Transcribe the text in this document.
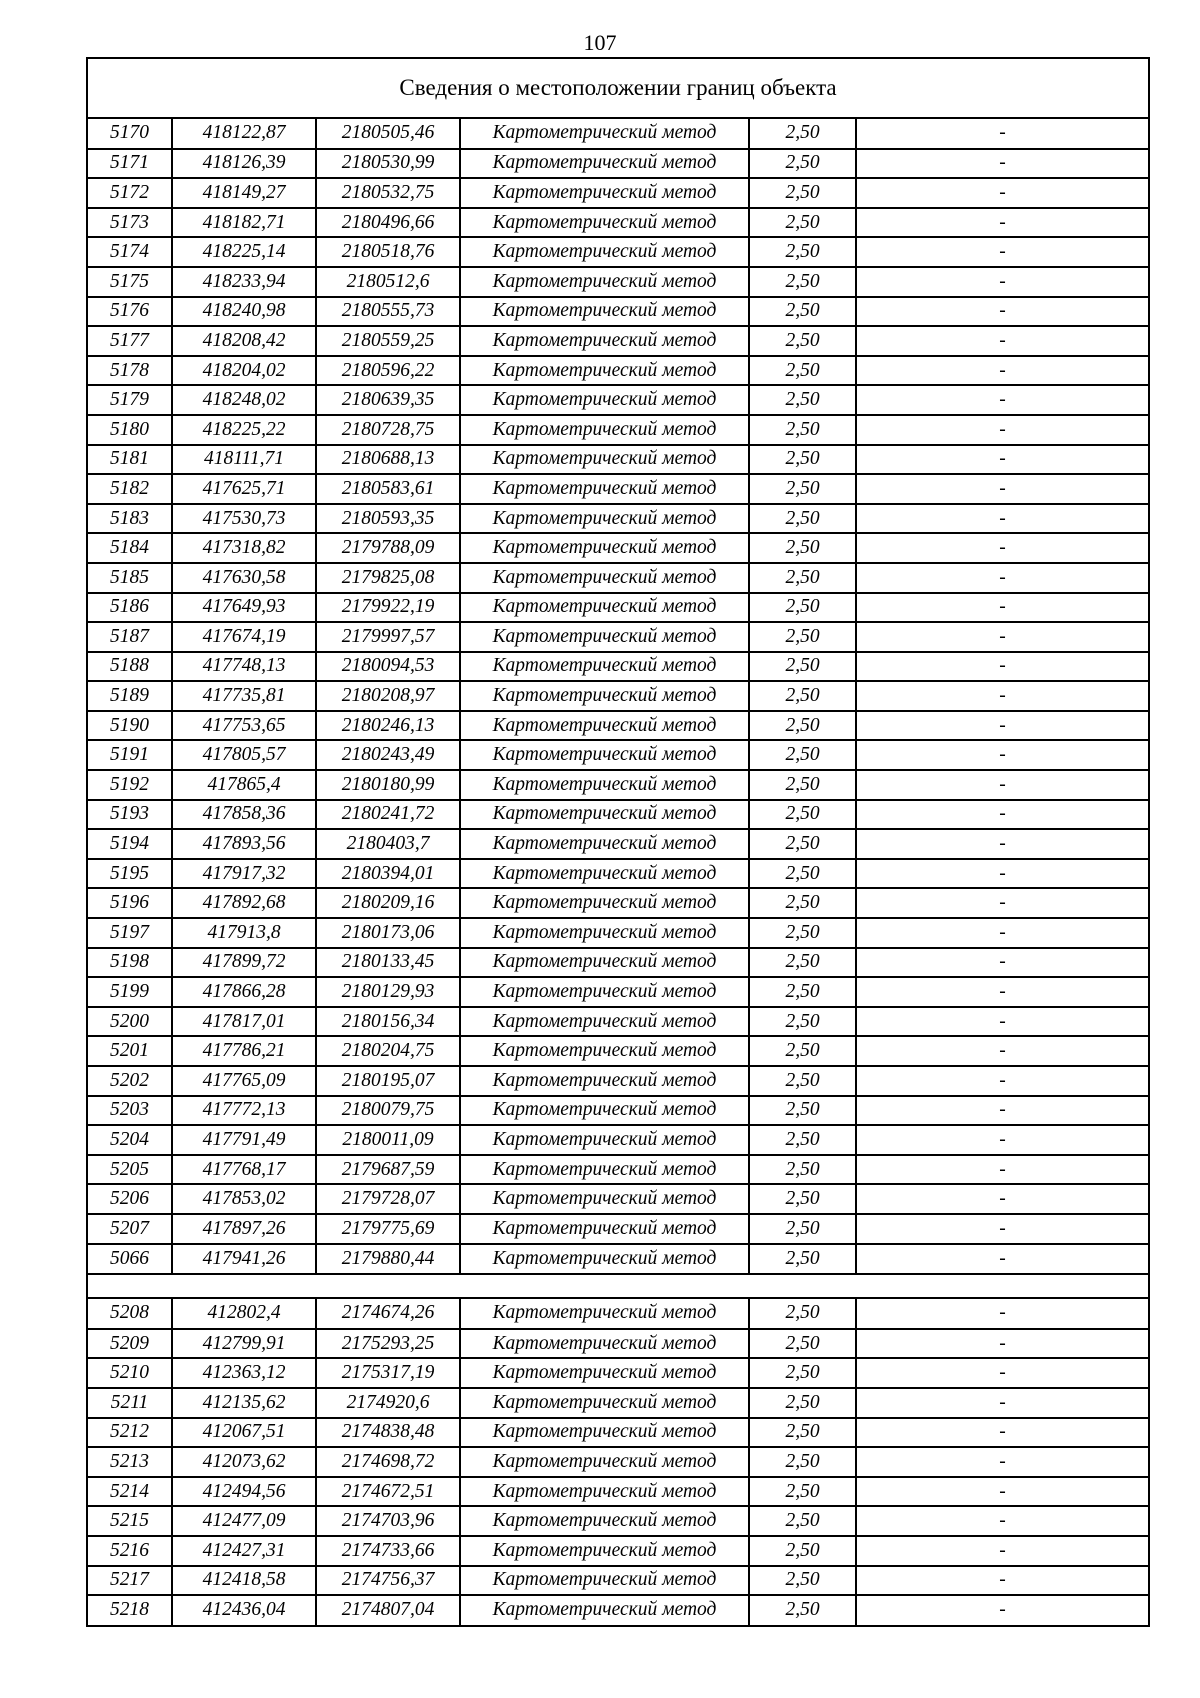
107
Сведения о местоположении границ объекта
5170	418122,87	2180505,46	Картометрический метод	2,50	-
5171	418126,39	2180530,99	Картометрический метод	2,50	-
5172	418149,27	2180532,75	Картометрический метод	2,50	-
5173	418182,71	2180496,66	Картометрический метод	2,50	-
5174	418225,14	2180518,76	Картометрический метод	2,50	-
5175	418233,94	2180512,6	Картометрический метод	2,50	-
5176	418240,98	2180555,73	Картометрический метод	2,50	-
5177	418208,42	2180559,25	Картометрический метод	2,50	-
5178	418204,02	2180596,22	Картометрический метод	2,50	-
5179	418248,02	2180639,35	Картометрический метод	2,50	-
5180	418225,22	2180728,75	Картометрический метод	2,50	-
5181	418111,71	2180688,13	Картометрический метод	2,50	-
5182	417625,71	2180583,61	Картометрический метод	2,50	-
5183	417530,73	2180593,35	Картометрический метод	2,50	-
5184	417318,82	2179788,09	Картометрический метод	2,50	-
5185	417630,58	2179825,08	Картометрический метод	2,50	-
5186	417649,93	2179922,19	Картометрический метод	2,50	-
5187	417674,19	2179997,57	Картометрический метод	2,50	-
5188	417748,13	2180094,53	Картометрический метод	2,50	-
5189	417735,81	2180208,97	Картометрический метод	2,50	-
5190	417753,65	2180246,13	Картометрический метод	2,50	-
5191	417805,57	2180243,49	Картометрический метод	2,50	-
5192	417865,4	2180180,99	Картометрический метод	2,50	-
5193	417858,36	2180241,72	Картометрический метод	2,50	-
5194	417893,56	2180403,7	Картометрический метод	2,50	-
5195	417917,32	2180394,01	Картометрический метод	2,50	-
5196	417892,68	2180209,16	Картометрический метод	2,50	-
5197	417913,8	2180173,06	Картометрический метод	2,50	-
5198	417899,72	2180133,45	Картометрический метод	2,50	-
5199	417866,28	2180129,93	Картометрический метод	2,50	-
5200	417817,01	2180156,34	Картометрический метод	2,50	-
5201	417786,21	2180204,75	Картометрический метод	2,50	-
5202	417765,09	2180195,07	Картометрический метод	2,50	-
5203	417772,13	2180079,75	Картометрический метод	2,50	-
5204	417791,49	2180011,09	Картометрический метод	2,50	-
5205	417768,17	2179687,59	Картометрический метод	2,50	-
5206	417853,02	2179728,07	Картометрический метод	2,50	-
5207	417897,26	2179775,69	Картометрический метод	2,50	-
5066	417941,26	2179880,44	Картометрический метод	2,50	-
5208	412802,4	2174674,26	Картометрический метод	2,50	-
5209	412799,91	2175293,25	Картометрический метод	2,50	-
5210	412363,12	2175317,19	Картометрический метод	2,50	-
5211	412135,62	2174920,6	Картометрический метод	2,50	-
5212	412067,51	2174838,48	Картометрический метод	2,50	-
5213	412073,62	2174698,72	Картометрический метод	2,50	-
5214	412494,56	2174672,51	Картометрический метод	2,50	-
5215	412477,09	2174703,96	Картометрический метод	2,50	-
5216	412427,31	2174733,66	Картометрический метод	2,50	-
5217	412418,58	2174756,37	Картометрический метод	2,50	-
5218	412436,04	2174807,04	Картометрический метод	2,50	-
